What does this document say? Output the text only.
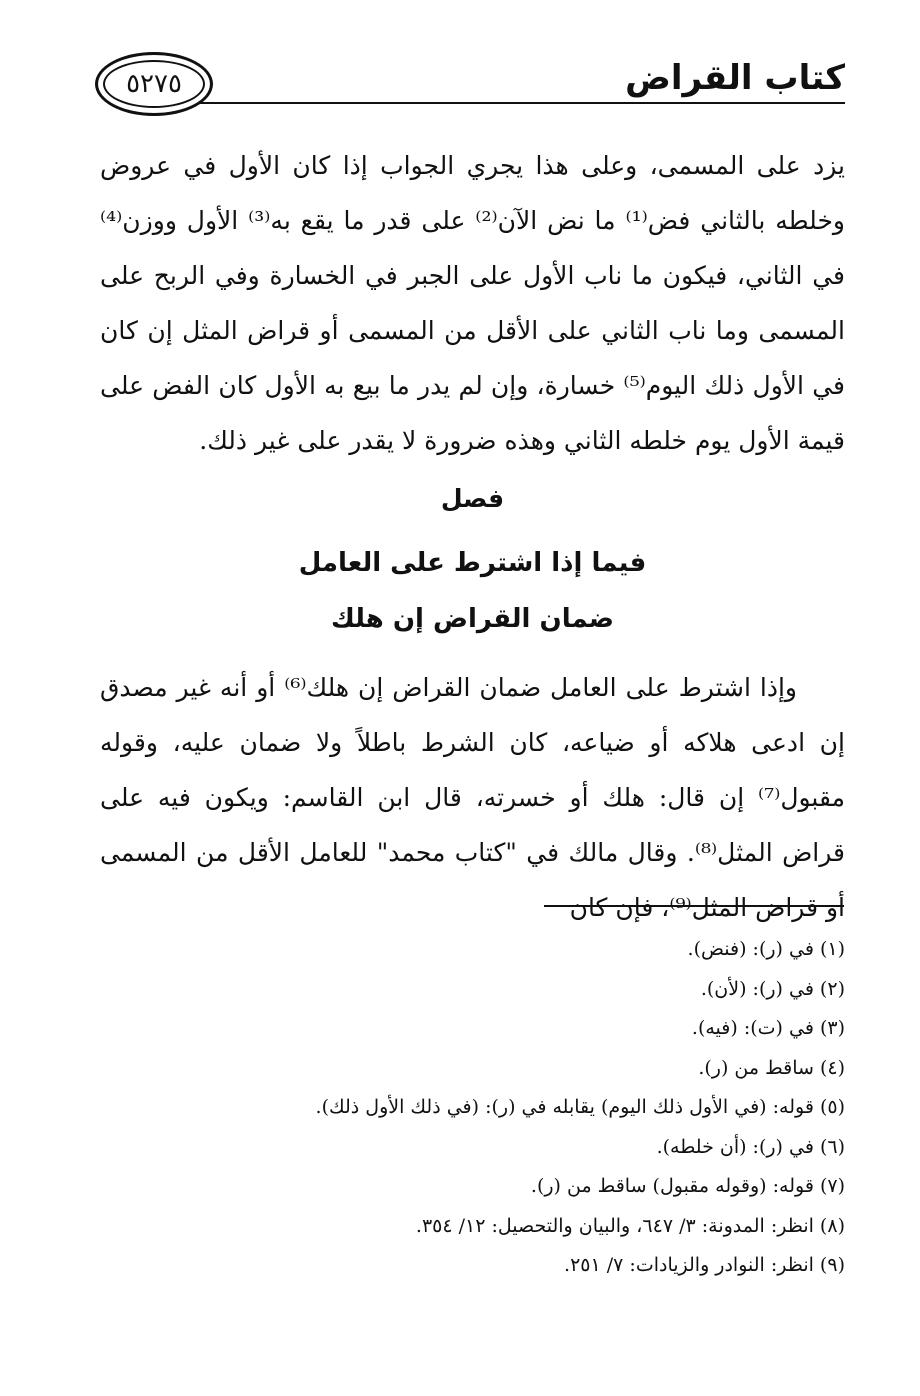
٥٢٧٥	كتاب القراض

يزد على المسمى، وعلى هذا يجري الجواب إذا كان الأول في عروض وخلطه بالثاني فض⁽¹⁾ ما نض الآن⁽²⁾ على قدر ما يقع به⁽³⁾ الأول ووزن⁽⁴⁾ في الثاني، فيكون ما ناب الأول على الجبر في الخسارة وفي الربح على المسمى وما ناب الثاني على الأقل من المسمى أو قراض المثل إن كان في الأول ذلك اليوم⁽⁵⁾ خسارة، وإن لم يدر ما بيع به الأول كان الفض على قيمة الأول يوم خلطه الثاني وهذه ضرورة لا يقدر على غير ذلك.

فصل
فيما إذا اشترط على العامل
ضمان القراض إن هلك
وإذا اشترط على العامل ضمان القراض إن هلك⁽⁶⁾ أو أنه غير مصدق إن ادعى هلاكه أو ضياعه، كان الشرط باطلاً ولا ضمان عليه، وقوله مقبول⁽⁷⁾ إن قال: هلك أو خسرته، قال ابن القاسم: ويكون فيه على قراض المثل⁽⁸⁾. وقال مالك في "كتاب محمد" للعامل الأقل من المسمى أو قراض المثل⁽⁹⁾، فإن كان
(١) في (ر): (فنض).
(٢) في (ر): (لأن).
(٣) في (ت): (فيه).
(٤) ساقط من (ر).
(٥) قوله: (في الأول ذلك اليوم) يقابله في (ر): (في ذلك الأول ذلك).
(٦) في (ر): (أن خلطه).
(٧) قوله: (وقوله مقبول) ساقط من (ر).
(٨) انظر: المدونة: ٣/ ٦٤٧، والبيان والتحصيل: ١٢/ ٣٥٤.
(٩) انظر: النوادر والزيادات: ٧/ ٢٥١.
